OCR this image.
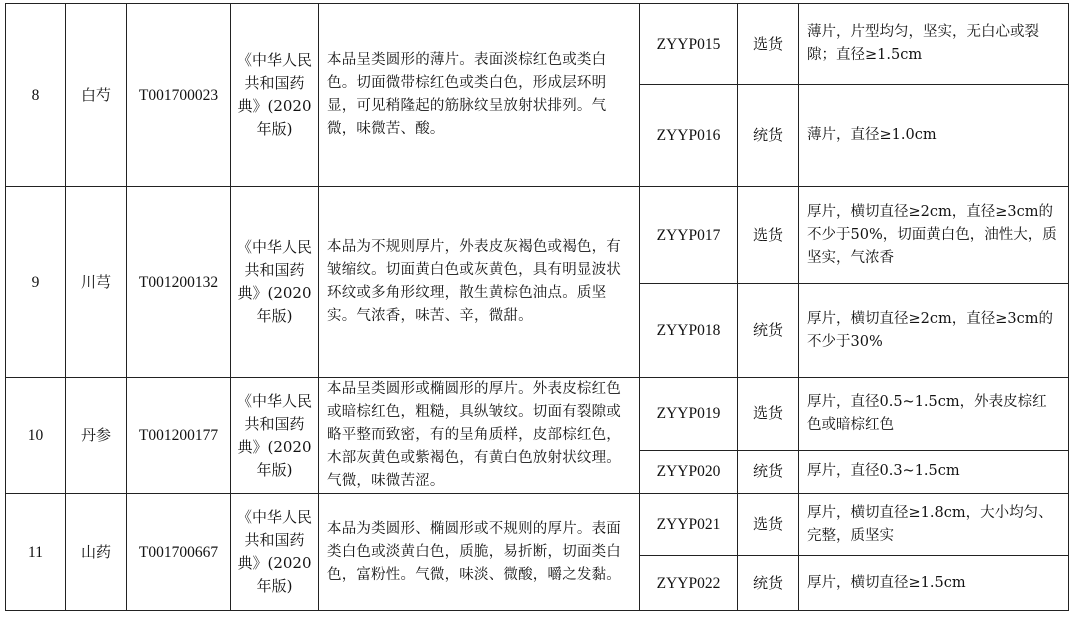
8	白芍	T001700023	《中华人民共和国药典》(2020年版)	本品呈类圆形的薄片。表面淡棕红色或类白色。切面微带棕红色或类白色，形成层环明显，可见稍隆起的筋脉纹呈放射状排列。气微，味微苦、酸。	ZYYP015	选货	薄片，片型均匀，坚实，无白心或裂隙；直径≥1.5cm
					ZYYP016	统货	薄片，直径≥1.0cm
9	川芎	T001200132	《中华人民共和国药典》(2020年版)	本品为不规则厚片，外表皮灰褐色或褐色，有皱缩纹。切面黄白色或灰黄色，具有明显波状环纹或多角形纹理，散生黄棕色油点。质坚实。气浓香，味苦、辛，微甜。	ZYYP017	选货	厚片，横切直径≥2cm，直径≥3cm的不少于50%，切面黄白色，油性大，质坚实，气浓香
					ZYYP018	统货	厚片，横切直径≥2cm，直径≥3cm的不少于30%
10	丹参	T001200177	《中华人民共和国药典》(2020年版)	本品呈类圆形或椭圆形的厚片。外表皮棕红色或暗棕红色，粗糙，具纵皱纹。切面有裂隙或略平整而致密，有的呈角质样，皮部棕红色，木部灰黄色或紫褐色，有黄白色放射状纹理。气微，味微苦涩。	ZYYP019	选货	厚片，直径0.5~1.5cm，外表皮棕红色或暗棕红色
					ZYYP020	统货	厚片，直径0.3~1.5cm
11	山药	T001700667	《中华人民共和国药典》(2020年版)	本品为类圆形、椭圆形或不规则的厚片。表面类白色或淡黄白色，质脆，易折断，切面类白色，富粉性。气微，味淡、微酸，嚼之发黏。	ZYYP021	选货	厚片，横切直径≥1.8cm，大小均匀、完整，质坚实
					ZYYP022	统货	厚片，横切直径≥1.5cm
